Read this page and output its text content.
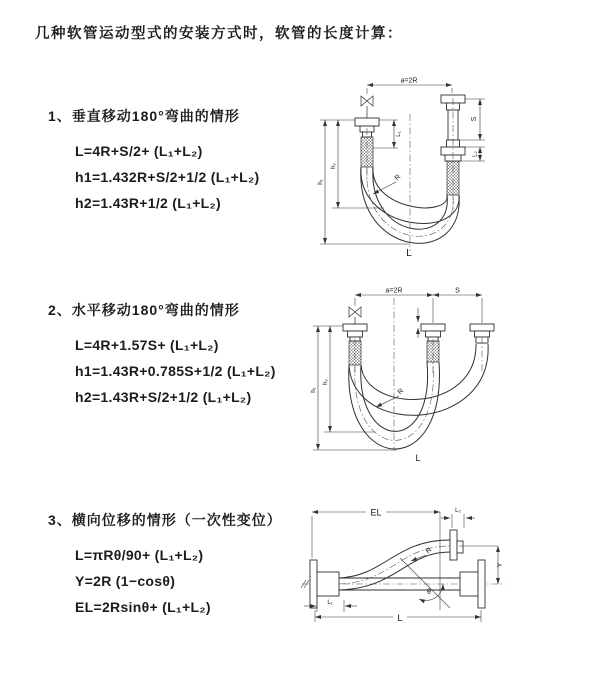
几种软管运动型式的安装方式时，软管的长度计算：
1、垂直移动180°弯曲的情形
L=4R+S/2+ (L₁+L₂)
h1=1.432R+S/2+1/2 (L₁+L₂)
h2=1.43R+1/2 (L₁+L₂)
2、水平移动180°弯曲的情形
L=4R+1.57S+ (L₁+L₂)
h1=1.43R+0.785S+1/2 (L₁+L₂)
h2=1.43R+S/2+1/2 (L₁+L₂)
3、横向位移的情形（一次性变位）
L=πRθ/90+ (L₁+L₂)
Y=2R (1−cosθ)
EL=2Rsinθ+ (L₁+L₂)
a=2R
L₁
S
L₂
h₁
h₂
R
L
a=2R	S
h₁
h₂
R
L
EL	L₂
Y
θ
R
L₁
L
